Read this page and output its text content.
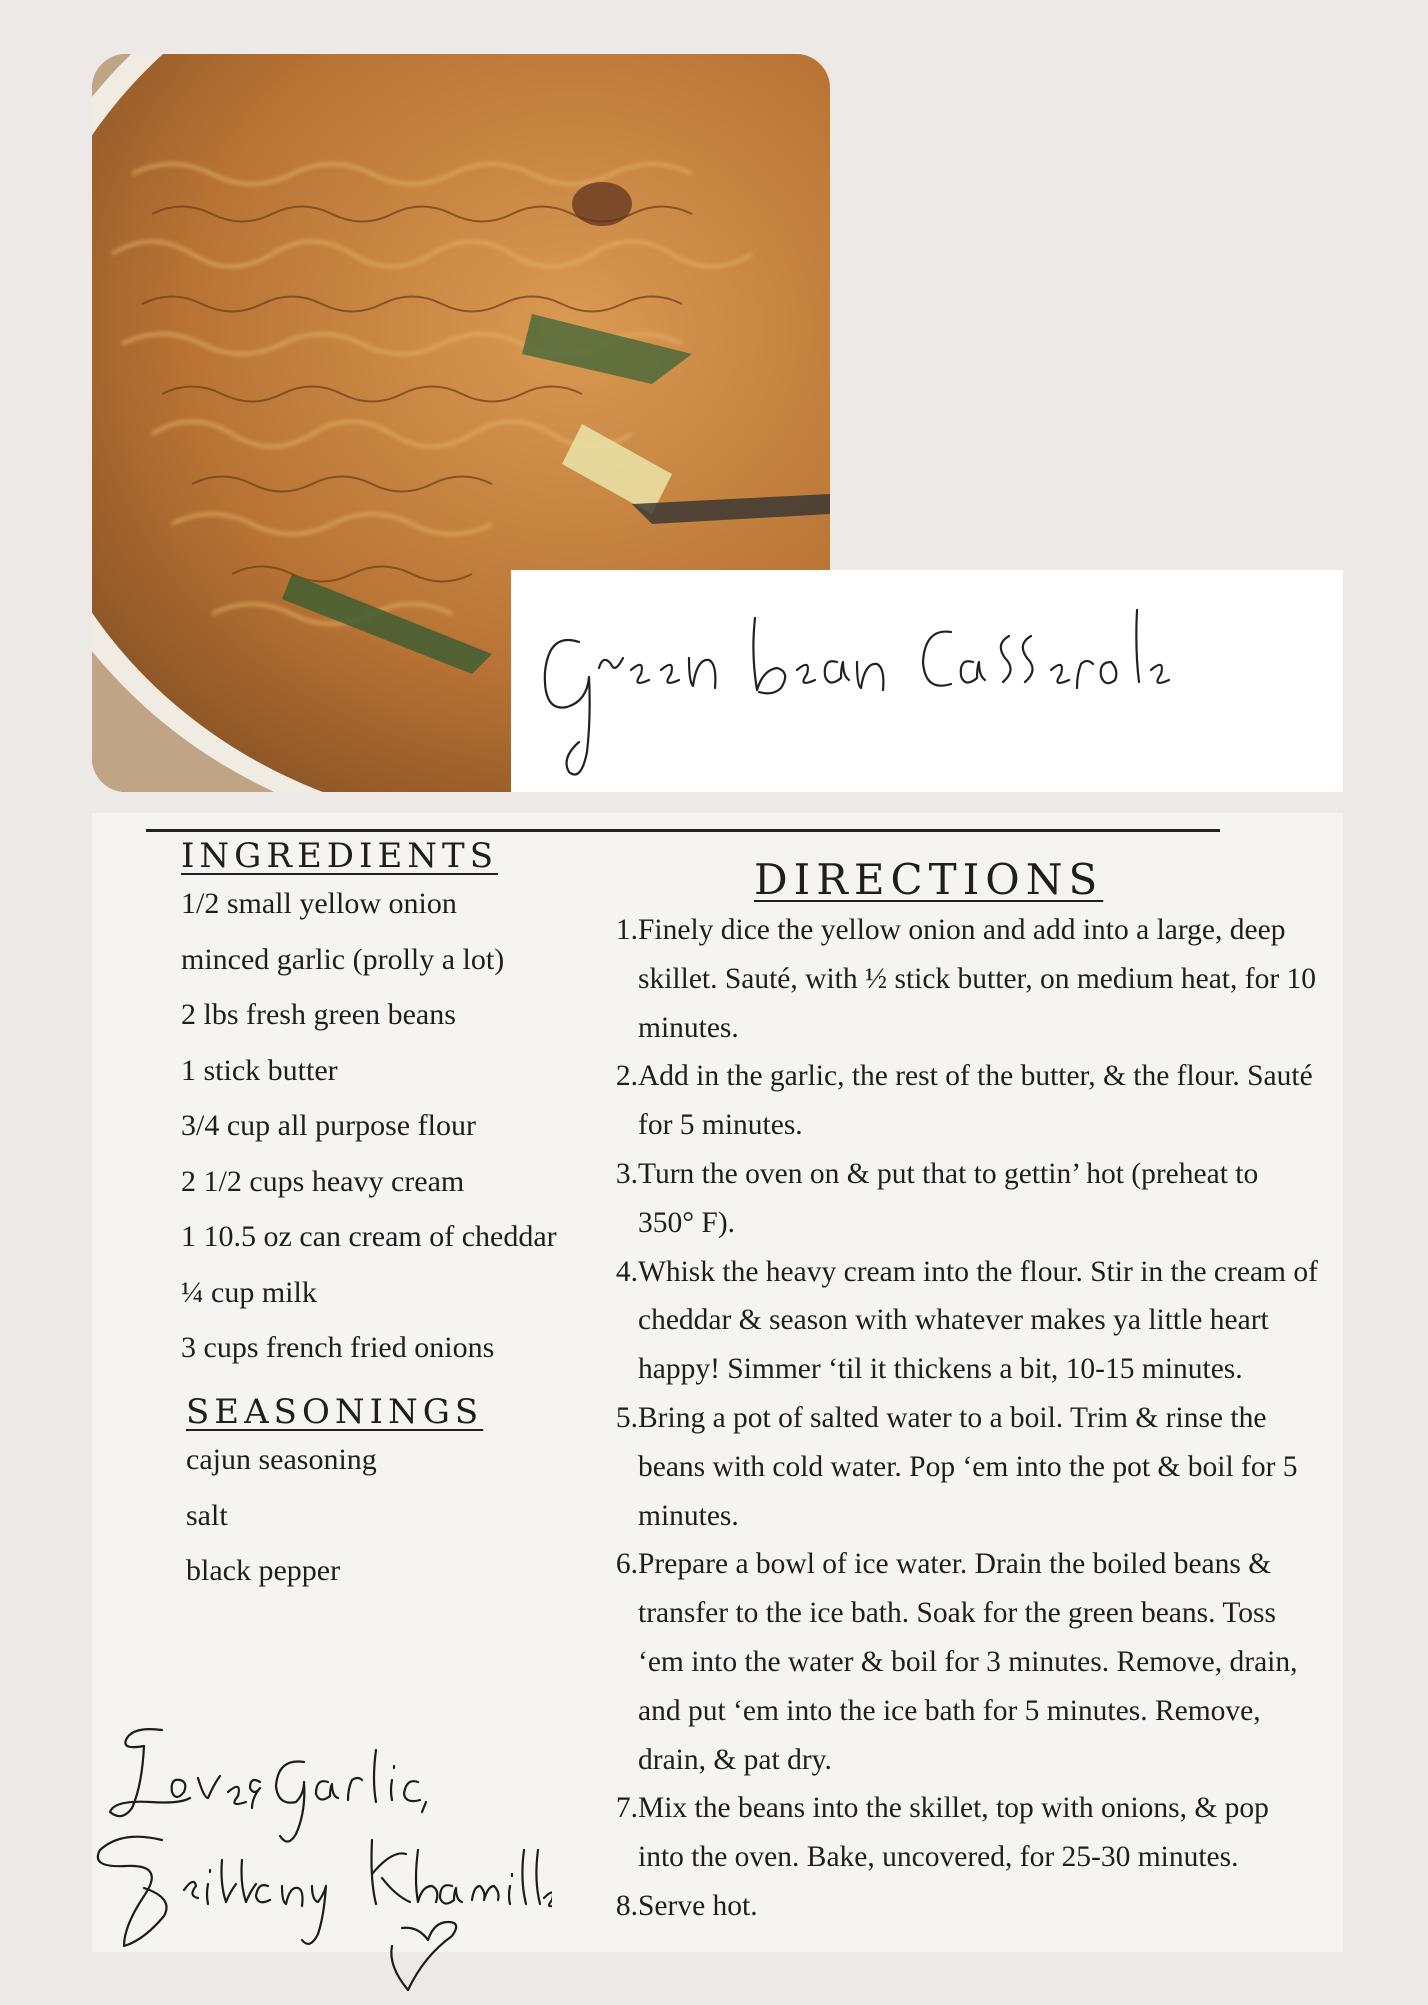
INGREDIENTS
1/2 small yellow onion
minced garlic (prolly a lot)
2 lbs fresh green beans
1 stick butter
3/4 cup all purpose flour
2 1/2 cups heavy cream
1 10.5 oz can cream of cheddar
¼ cup milk
3 cups french fried onions
SEASONINGS
cajun seasoning
salt
black pepper
DIRECTIONS
1. Finely dice the yellow onion and add into a large, deep skillet. Sauté, with ½ stick butter, on medium heat, for 10 minutes.
2. Add in the garlic, the rest of the butter, & the flour. Sauté for 5 minutes.
3. Turn the oven on & put that to gettin’ hot (preheat to 350° F).
4. Whisk the heavy cream into the flour. Stir in the cream of cheddar & season with whatever makes ya little heart happy! Simmer ‘til it thickens a bit, 10-15 minutes.
5. Bring a pot of salted water to a boil. Trim & rinse the beans with cold water. Pop ‘em into the pot & boil for 5 minutes.
6. Prepare a bowl of ice water. Drain the boiled beans & transfer to the ice bath. Soak for the green beans. Toss ‘em into the water & boil for 3 minutes. Remove, drain, and put ‘em into the ice bath for 5 minutes. Remove, drain, & pat dry.
7. Mix the beans into the skillet, top with onions, & pop into the oven. Bake, uncovered, for 25-30 minutes.
8. Serve hot.
